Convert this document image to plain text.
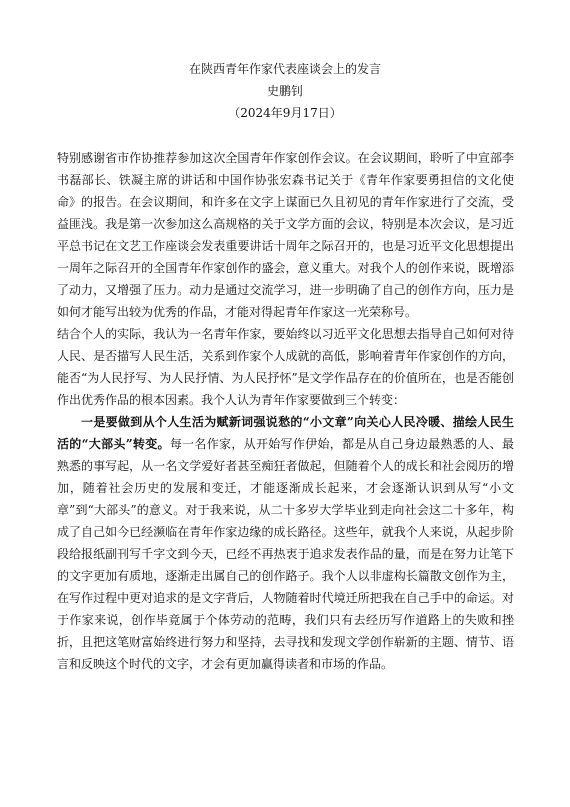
在陕西青年作家代表座谈会上的发言
史鹏钊
（2024年9月17日）

特别感谢省市作协推荐参加这次全国青年作家创作会议。在会议期间，聆听了中宣部李书磊部长、铁凝主席的讲话和中国作协张宏森书记关于《青年作家要勇担信的文化使命》的报告。在会议期间，和许多在文字上谋面已久且初见的青年作家进行了交流，受益匪浅。我是第一次参加这么高规格的关于文学方面的会议，特别是本次会议，是习近平总书记在文艺工作座谈会发表重要讲话十周年之际召开的，也是习近平文化思想提出一周年之际召开的全国青年作家创作的盛会，意义重大。对我个人的创作来说，既增添了动力，又增强了压力。动力是通过交流学习，进一步明确了自己的创作方向，压力是如何才能写出较为优秀的作品，才能对得起青年作家这一光荣称号。

结合个人的实际，我认为一名青年作家，要始终以习近平文化思想去指导自己如何对待人民、是否描写人民生活，关系到作家个人成就的高低，影响着青年作家创作的方向，能否“为人民抒写、为人民抒情、为人民抒怀”是文学作品存在的价值所在，也是否能创作出优秀作品的根本因素。我个人认为青年作家要做到三个转变：

一是要做到从个人生活为赋新词强说愁的“小文章”向关心人民冷暖、描绘人民生活的“大部头”转变。每一名作家，从开始写作伊始，都是从自己身边最熟悉的人、最熟悉的事写起，从一名文学爱好者甚至痴狂者做起，但随着个人的成长和社会阅历的增加，随着社会历史的发展和变迁，才能逐渐成长起来，才会逐渐认识到从写“小文章”到“大部头”的意义。对于我来说，从二十多岁大学毕业到走向社会这二十多年，构成了自己如今已经濒临在青年作家边缘的成长路径。这些年，就我个人来说，从起步阶段给报纸副刊写千字文到今天，已经不再热衷于追求发表作品的量，而是在努力让笔下的文字更加有质地，逐渐走出属自己的创作路子。我个人以非虚构长篇散文创作为主，在写作过程中更对追求的是文字背后，人物随着时代境迁所把我在自己手中的命运。对于作家来说，创作毕竟属于个体劳动的范畴，我们只有去经历写作道路上的失败和挫折，且把这笔财富始终进行努力和坚持，去寻找和发现文学创作崭新的主题、情节、语言和反映这个时代的文字，才会有更加赢得读者和市场的作品。
